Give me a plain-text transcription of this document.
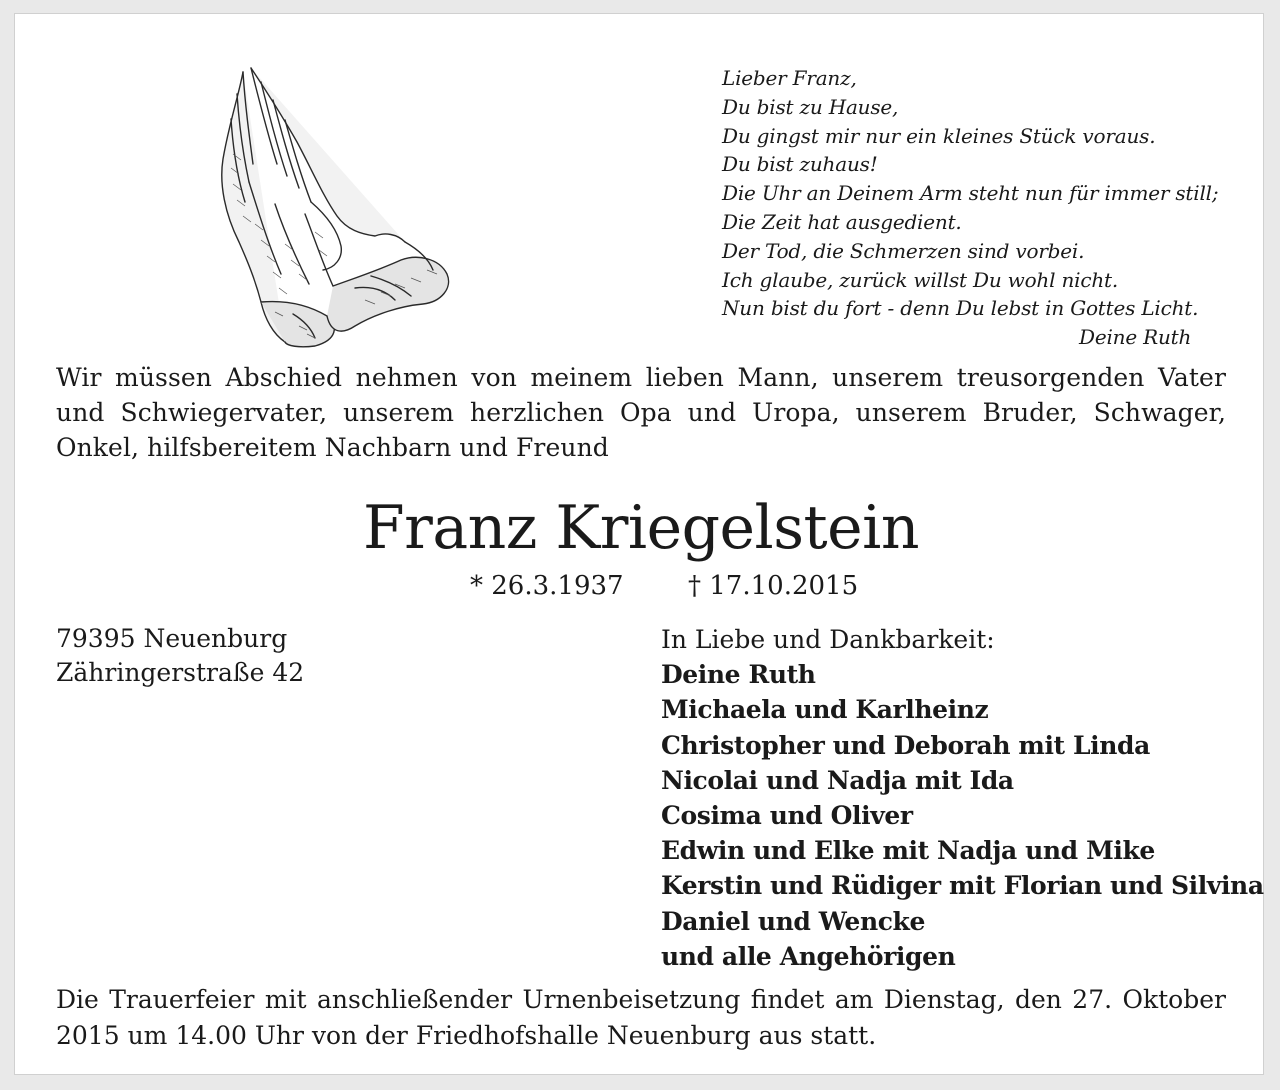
Lieber Franz,
Du bist zu Hause,
Du gingst mir nur ein kleines Stück voraus.
Du bist zuhaus!
Die Uhr an Deinem Arm steht nun für immer still;
Die Zeit hat ausgedient.
Der Tod, die Schmerzen sind vorbei.
Ich glaube, zurück willst Du wohl nicht.
Nun bist du fort - denn Du lebst in Gottes Licht.
Deine Ruth
Wir müssen Abschied nehmen von meinem lieben Mann, unserem treusorgenden Vater und Schwiegervater, unserem herzlichen Opa und Uropa, unserem Bruder, Schwager, Onkel, hilfsbereitem Nachbarn und Freund
Franz Kriegelstein
* 26.3.1937 † 17.10.2015
79395 Neuenburg
Zähringerstraße 42
In Liebe und Dankbarkeit:
Deine Ruth
Michaela und Karlheinz
Christopher und Deborah mit Linda
Nicolai und Nadja mit Ida
Cosima und Oliver
Edwin und Elke mit Nadja und Mike
Kerstin und Rüdiger mit Florian und Silvina
Daniel und Wencke
und alle Angehörigen
Die Trauerfeier mit anschließender Urnenbeisetzung findet am Dienstag, den 27. Oktober 2015 um 14.00 Uhr von der Friedhofshalle Neuenburg aus statt.
